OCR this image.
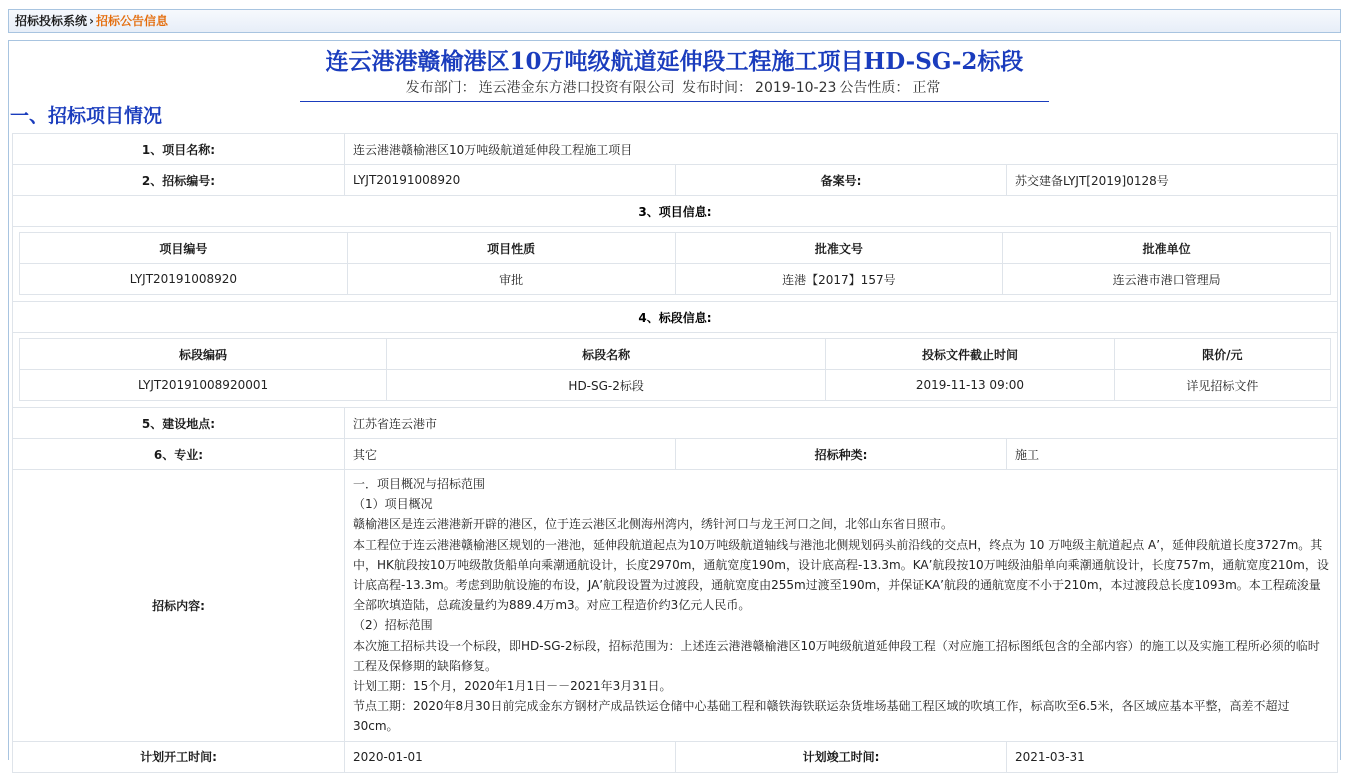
招标投标系统 › 招标公告信息
连云港港赣榆港区10万吨级航道延伸段工程施工项目HD-SG-2标段
发布部门： 连云港金东方港口投资有限公司 发布时间： 2019-10-23 公告性质： 正常
一、招标项目情况
1、项目名称:	连云港港赣榆港区10万吨级航道延伸段工程施工项目
2、招标编号:	LYJT20191008920	备案号:	苏交建备LYJT[2019]0128号
3、项目信息:

项目编号	项目性质	批准文号	批准单位
LYJT20191008920	审批	连港【2017】157号	连云港市港口管理局

4、标段信息:

标段编码	标段名称	投标文件截止时间	限价/元
LYJT20191008920001	HD-SG-2标段	2019-11-13 09:00	详见招标文件

5、建设地点:	江苏省连云港市
6、专业:	其它	招标种类:	施工
招标内容:	

一．项目概况与招标范围

（1）项目概况

赣榆港区是连云港港新开辟的港区，位于连云港区北侧海州湾内，绣针河口与龙王河口之间，北邻山东省日照市。

本工程位于连云港港赣榆港区规划的一港池，延伸段航道起点为10万吨级航道轴线与港池北侧规划码头前沿线的交点H，终点为 10 万吨级主航道起点 A’，延伸段航道长度3727m。其中，HK航段按10万吨级散货船单向乘潮通航设计，长度2970m，通航宽度190m，设计底高程-13.3m。KA’航段按10万吨级油船单向乘潮通航设计，长度757m，通航宽度210m，设计底高程-13.3m。考虑到助航设施的布设，JA’航段设置为过渡段，通航宽度由255m过渡至190m，并保证KA’航段的通航宽度不小于210m，本过渡段总长度1093m。本工程疏浚量全部吹填造陆，总疏浚量约为889.4万m3。对应工程造价约3亿元人民币。

（2）招标范围

本次施工招标共设一个标段，即HD-SG-2标段，招标范围为：上述连云港港赣榆港区10万吨级航道延伸段工程（对应施工招标图纸包含的全部内容）的施工以及实施工程所必须的临时工程及保修期的缺陷修复。

计划工期：15个月，2020年1月1日－－2021年3月31日。

节点工期：2020年8月30日前完成金东方钢材产成品铁运仓储中心基础工程和赣铁海铁联运杂货堆场基础工程区域的吹填工作，标高吹至6.5米，各区域应基本平整，高差不超过30cm。

计划开工时间:	2020-01-01	计划竣工时间:	2021-03-31
